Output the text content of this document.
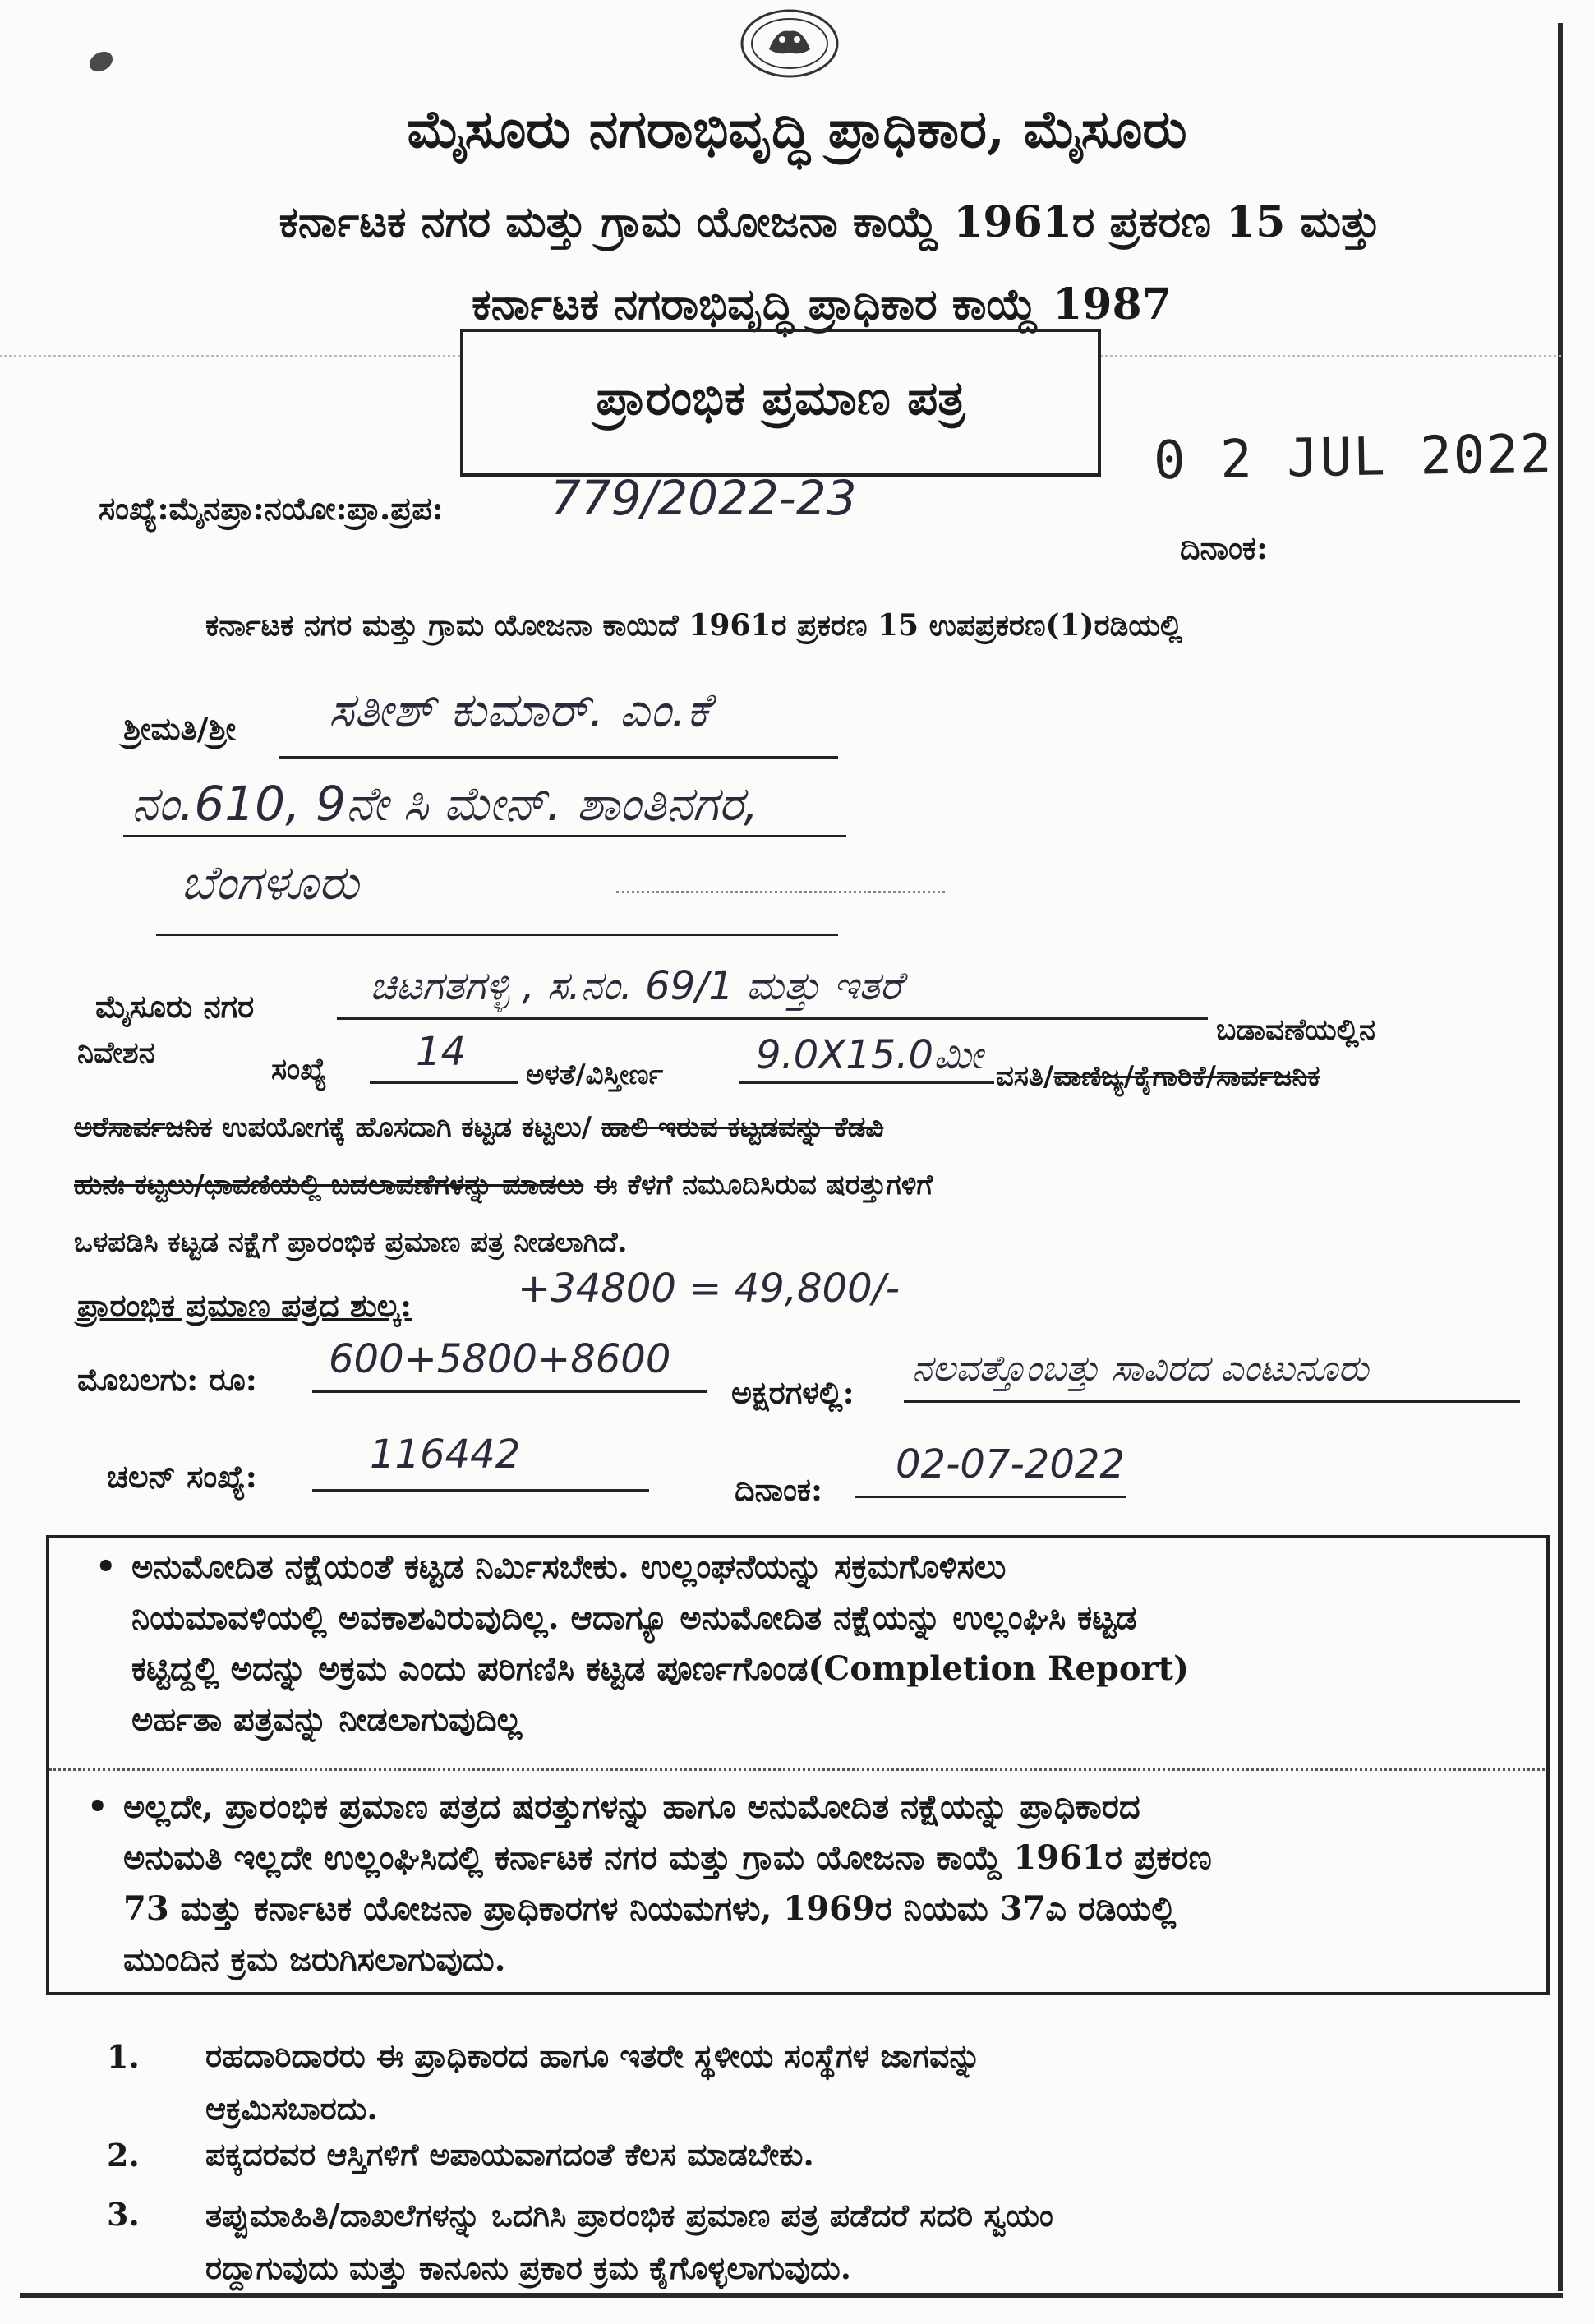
ಮೈಸೂರು ನಗರಾಭಿವೃದ್ಧಿ ಪ್ರಾಧಿಕಾರ, ಮೈಸೂರು
ಕರ್ನಾಟಕ ನಗರ ಮತ್ತು ಗ್ರಾಮ ಯೋಜನಾ ಕಾಯ್ದೆ 1961ರ ಪ್ರಕರಣ 15 ಮತ್ತು
ಕರ್ನಾಟಕ ನಗರಾಭಿವೃದ್ಧಿ ಪ್ರಾಧಿಕಾರ ಕಾಯ್ದೆ 1987
ಪ್ರಾರಂಭಿಕ ಪ್ರಮಾಣ ಪತ್ರ
0 2 JUL 2022
ಸಂಖ್ಯೆ:ಮೈನಪ್ರಾ:ನಯೋ:ಪ್ರಾ.ಪ್ರಪ: 779/2022-23
ದಿನಾಂಕ:
ಕರ್ನಾಟಕ ನಗರ ಮತ್ತು ಗ್ರಾಮ ಯೋಜನಾ ಕಾಯಿದೆ 1961ರ ಪ್ರಕರಣ 15 ಉಪಪ್ರಕರಣ(1)ರಡಿಯಲ್ಲಿ
ಶ್ರೀಮತಿ/ಶ್ರೀ ಸತೀಶ್ ಕುಮಾರ್. ಎಂ.ಕೆ
ನಂ.610, 9ನೇ ಸಿ ಮೇನ್. ಶಾಂತಿನಗರ,
ಬೆಂಗಳೂರು
ಮೈಸೂರು ನಗರ	ಚಿಟಗತಗಳ್ಳಿ , ಸ.ನಂ. 69/1 ಮತ್ತು ಇತರೆ
ಬಡಾವಣೆಯಲ್ಲಿನ
ನಿವೇಶನ	ಸಂಖ್ಯೆ 14 ಅಳತೆ/ವಿಸ್ತೀರ್ಣ 9.0X15.0ಮೀ ವಸತಿ/ವಾಣಿಜ್ಯ/ಕೈಗಾರಿಕೆ/ಸಾರ್ವಜನಿಕ
ಅರೆಸಾರ್ವಜನಿಕ ಉಪಯೋಗಕ್ಕೆ ಹೊಸದಾಗಿ ಕಟ್ಟಡ ಕಟ್ಟಲು/ ಹಾಲಿ ಇರುವ ಕಟ್ಟಡವನ್ನು ಕೆಡವಿ
ಹುನಃ ಕಟ್ಟಲು/ಛಾವಣಿಯಲ್ಲಿ ಬದಲಾವಣೆಗಳನ್ನು ಮಾಡಲು ಈ ಕೆಳಗೆ ನಮೂದಿಸಿರುವ ಷರತ್ತುಗಳಿಗೆ
ಒಳಪಡಿಸಿ ಕಟ್ಟಡ ನಕ್ಷೆಗೆ ಪ್ರಾರಂಭಿಕ ಪ್ರಮಾಣ ಪತ್ರ ನೀಡಲಾಗಿದೆ.
ಪ್ರಾರಂಭಿಕ ಪ್ರಮಾಣ ಪತ್ರದ ಶುಲ್ಕ:	+34800 = 49,800/-
ಮೊಬಲಗು: ರೂ: 600+5800+8600
ಅಕ್ಷರಗಳಲ್ಲಿ:
ನಲವತ್ತೊಂಬತ್ತು ಸಾವಿರದ ಎಂಟುನೂರು
ಚಲನ್ ಸಂಖ್ಯೆ:	116442
ದಿನಾಂಕ:
02-07-2022
• ಅನುಮೋದಿತ ನಕ್ಷೆಯಂತೆ ಕಟ್ಟಡ ನಿರ್ಮಿಸಬೇಕು. ಉಲ್ಲಂಘನೆಯನ್ನು ಸಕ್ರಮಗೊಳಿಸಲು
ನಿಯಮಾವಳಿಯಲ್ಲಿ ಅವಕಾಶವಿರುವುದಿಲ್ಲ. ಆದಾಗ್ಯೂ ಅನುಮೋದಿತ ನಕ್ಷೆಯನ್ನು ಉಲ್ಲಂಘಿಸಿ ಕಟ್ಟಡ
ಕಟ್ಟಿದ್ದಲ್ಲಿ ಅದನ್ನು ಅಕ್ರಮ ಎಂದು ಪರಿಗಣಿಸಿ ಕಟ್ಟಡ ಪೂರ್ಣಗೊಂಡ(Completion Report)
ಅರ್ಹತಾ ಪತ್ರವನ್ನು ನೀಡಲಾಗುವುದಿಲ್ಲ
• ಅಲ್ಲದೇ, ಪ್ರಾರಂಭಿಕ ಪ್ರಮಾಣ ಪತ್ರದ ಷರತ್ತುಗಳನ್ನು ಹಾಗೂ ಅನುಮೋದಿತ ನಕ್ಷೆಯನ್ನು ಪ್ರಾಧಿಕಾರದ
ಅನುಮತಿ ಇಲ್ಲದೇ ಉಲ್ಲಂಘಿಸಿದಲ್ಲಿ ಕರ್ನಾಟಕ ನಗರ ಮತ್ತು ಗ್ರಾಮ ಯೋಜನಾ ಕಾಯ್ದೆ 1961ರ ಪ್ರಕರಣ
73 ಮತ್ತು ಕರ್ನಾಟಕ ಯೋಜನಾ ಪ್ರಾಧಿಕಾರಗಳ ನಿಯಮಗಳು, 1969ರ ನಿಯಮ 37ಎ ರಡಿಯಲ್ಲಿ
ಮುಂದಿನ ಕ್ರಮ ಜರುಗಿಸಲಾಗುವುದು.
1. ರಹದಾರಿದಾರರು ಈ ಪ್ರಾಧಿಕಾರದ ಹಾಗೂ ಇತರೇ ಸ್ಥಳೀಯ ಸಂಸ್ಥೆಗಳ ಜಾಗವನ್ನು
ಆಕ್ರಮಿಸಬಾರದು.
2. ಪಕ್ಕದರವರ ಆಸ್ತಿಗಳಿಗೆ ಅಪಾಯವಾಗದಂತೆ ಕೆಲಸ ಮಾಡಬೇಕು.
3. ತಪ್ಪುಮಾಹಿತಿ/ದಾಖಲೆಗಳನ್ನು ಒದಗಿಸಿ ಪ್ರಾರಂಭಿಕ ಪ್ರಮಾಣ ಪತ್ರ ಪಡೆದರೆ ಸದರಿ ಸ್ವಯಂ
ರದ್ದಾಗುವುದು ಮತ್ತು ಕಾನೂನು ಪ್ರಕಾರ ಕ್ರಮ ಕೈಗೊಳ್ಳಲಾಗುವುದು.
